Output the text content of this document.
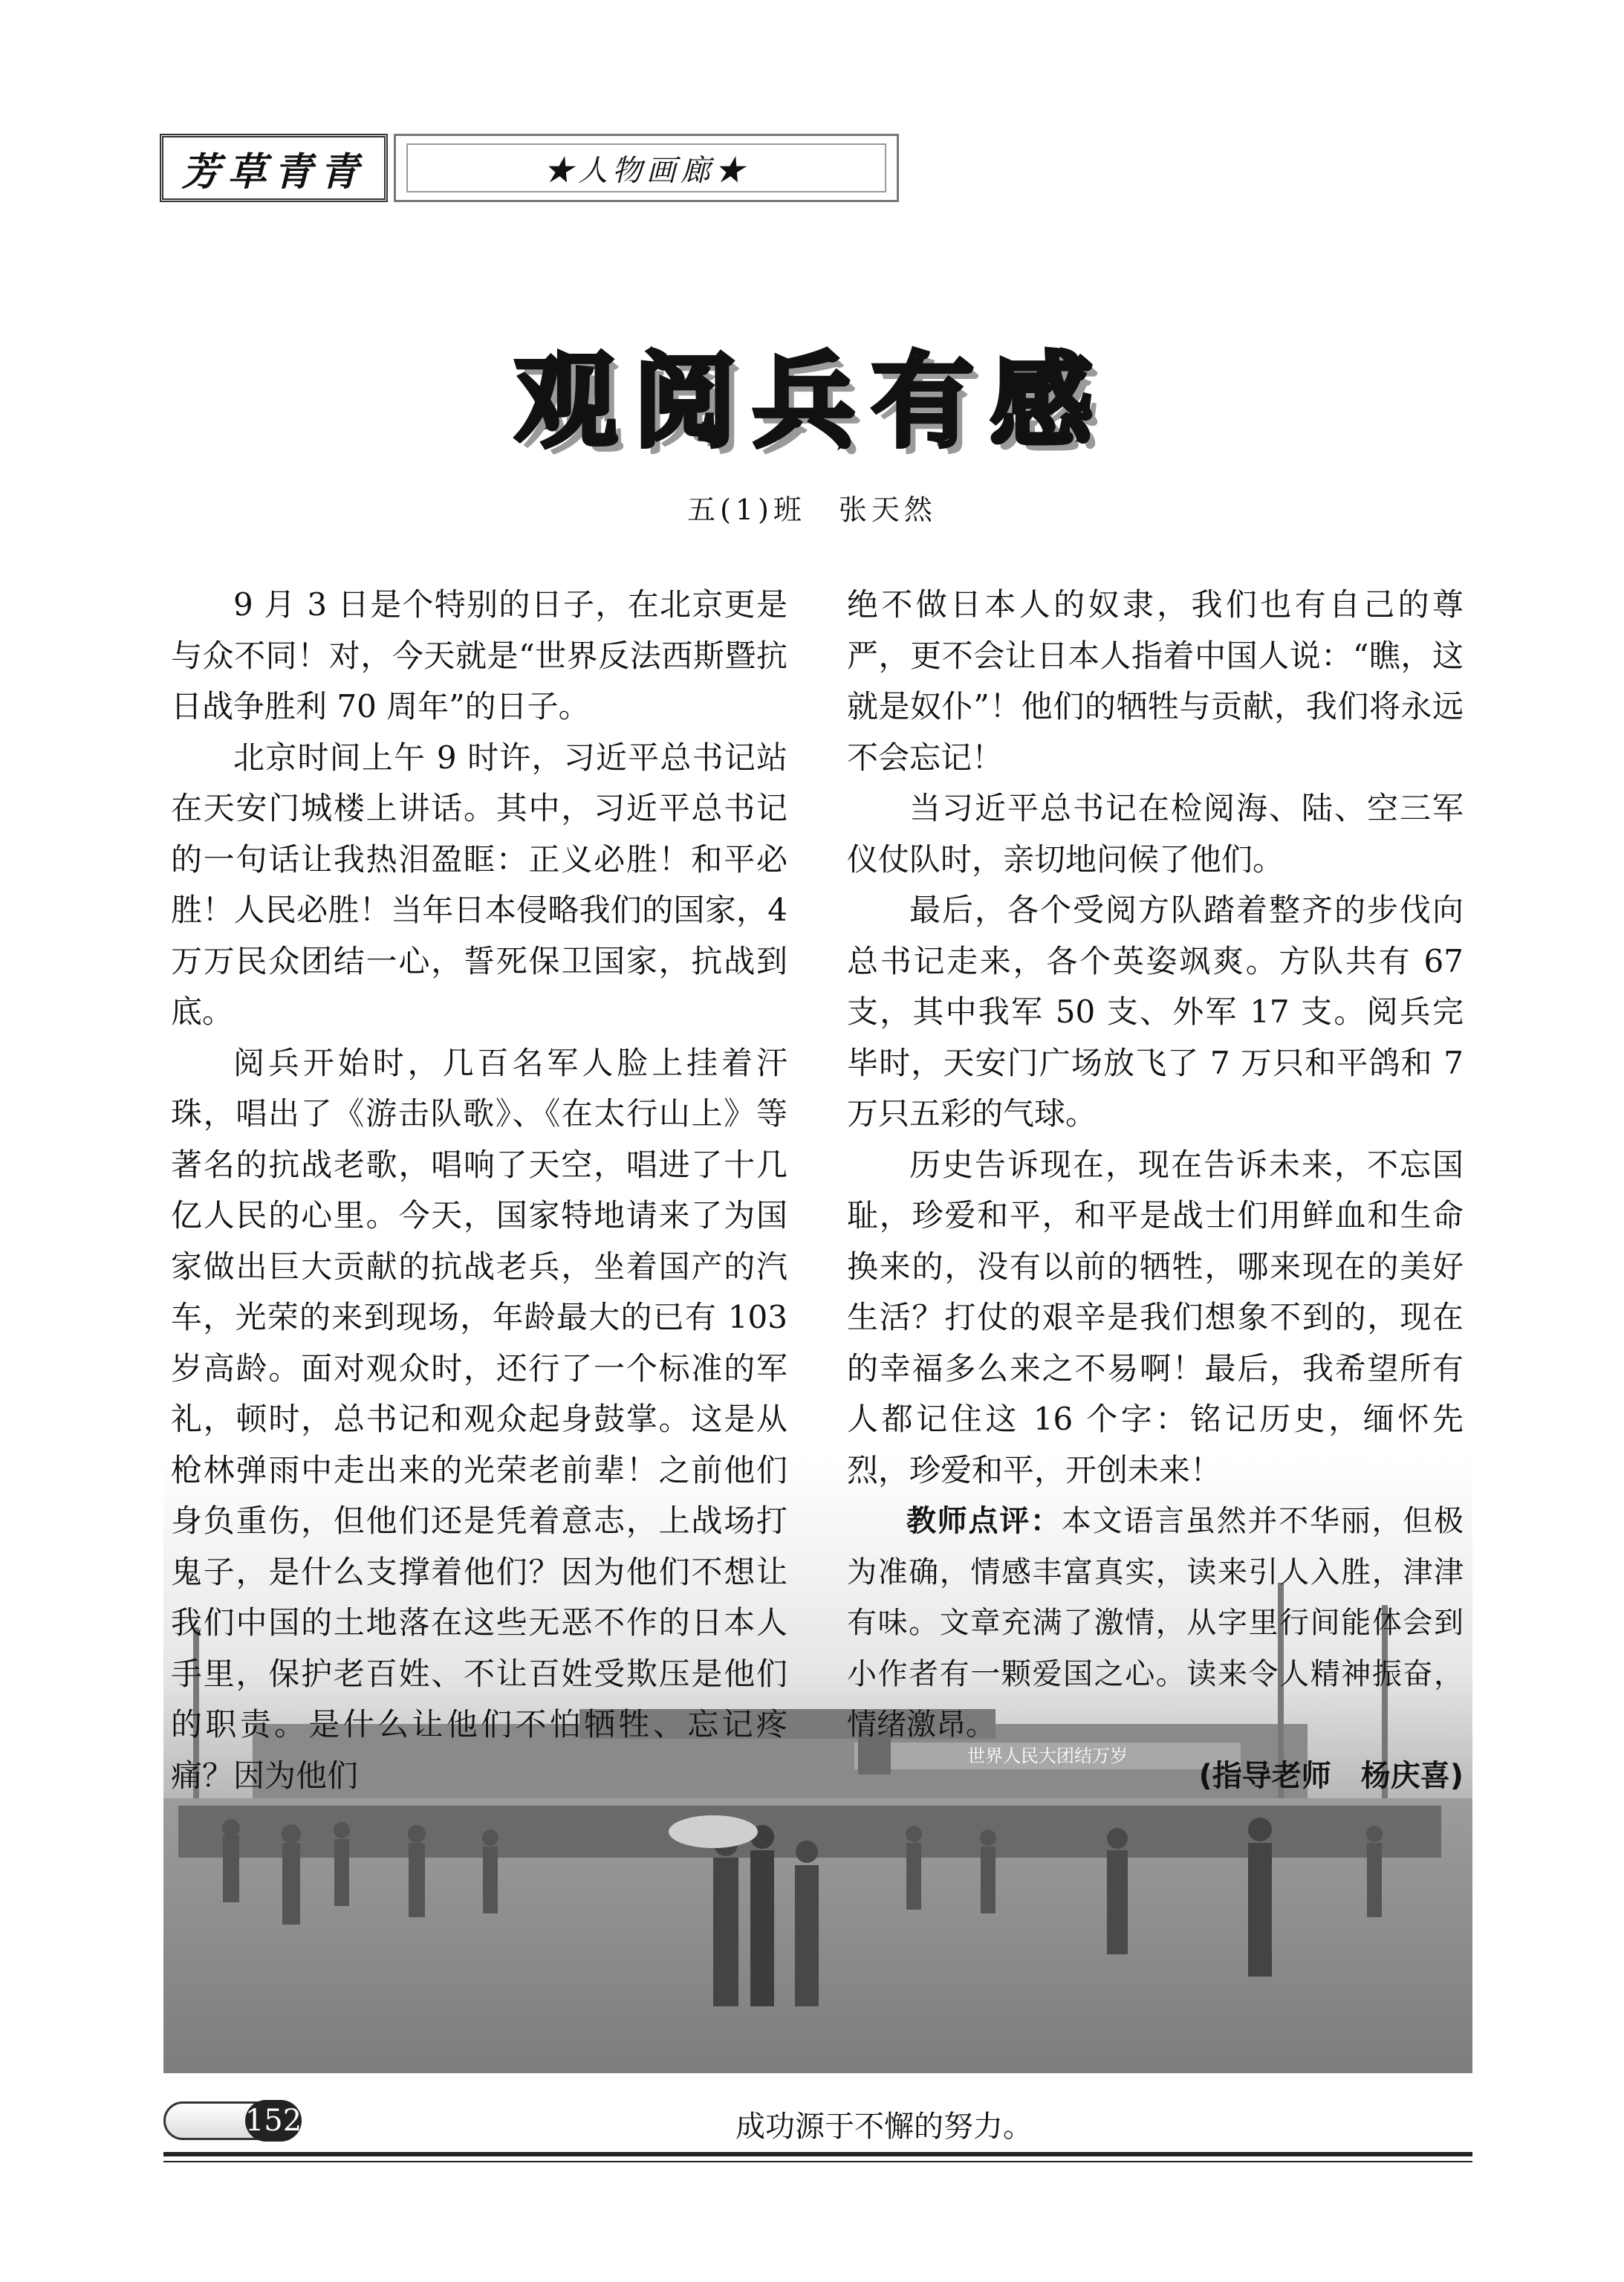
芳草青青	★人物画廊★
观阅兵有感
五(1)班　张天然
世界人民大团结万岁

9 月 3 日是个特别的日子，在北京更是与众不同！对，今天就是“世界反法西斯暨抗日战争胜利 70 周年”的日子。

北京时间上午 9 时许，习近平总书记站在天安门城楼上讲话。其中，习近平总书记的一句话让我热泪盈眶：正义必胜！和平必胜！人民必胜！当年日本侵略我们的国家，4 万万民众团结一心，誓死保卫国家，抗战到底。

阅兵开始时，几百名军人脸上挂着汗珠，唱出了《游击队歌》、《在太行山上》等著名的抗战老歌，唱响了天空，唱进了十几亿人民的心里。今天，国家特地请来了为国家做出巨大贡献的抗战老兵，坐着国产的汽车，光荣的来到现场，年龄最大的已有 103 岁高龄。面对观众时，还行了一个标准的军礼，顿时，总书记和观众起身鼓掌。这是从枪林弹雨中走出来的光荣老前辈！之前他们身负重伤，但他们还是凭着意志，上战场打鬼子，是什么支撑着他们？因为他们不想让我们中国的土地落在这些无恶不作的日本人手里，保护老百姓、不让百姓受欺压是他们的职责。是什么让他们不怕牺牲、忘记疼痛？因为他们

绝不做日本人的奴隶，我们也有自己的尊严，更不会让日本人指着中国人说：“瞧，这就是奴仆”！他们的牺牲与贡献，我们将永远不会忘记！

当习近平总书记在检阅海、陆、空三军仪仗队时，亲切地问候了他们。

最后，各个受阅方队踏着整齐的步伐向总书记走来，各个英姿飒爽。方队共有 67 支，其中我军 50 支、外军 17 支。阅兵完毕时，天安门广场放飞了 7 万只和平鸽和 7 万只五彩的气球。

历史告诉现在，现在告诉未来，不忘国耻，珍爱和平，和平是战士们用鲜血和生命换来的，没有以前的牺牲，哪来现在的美好生活？打仗的艰辛是我们想象不到的，现在的幸福多么来之不易啊！最后，我希望所有人都记住这 16 个字：铭记历史，缅怀先烈，珍爱和平，开创未来！

教师点评：本文语言虽然并不华丽，但极为准确，情感丰富真实，读来引人入胜，津津有味。文章充满了激情，从字里行间能体会到小作者有一颗爱国之心。读来令人精神振奋，情绪激昂。

(指导老师　杨庆喜)

152	成功源于不懈的努力。
